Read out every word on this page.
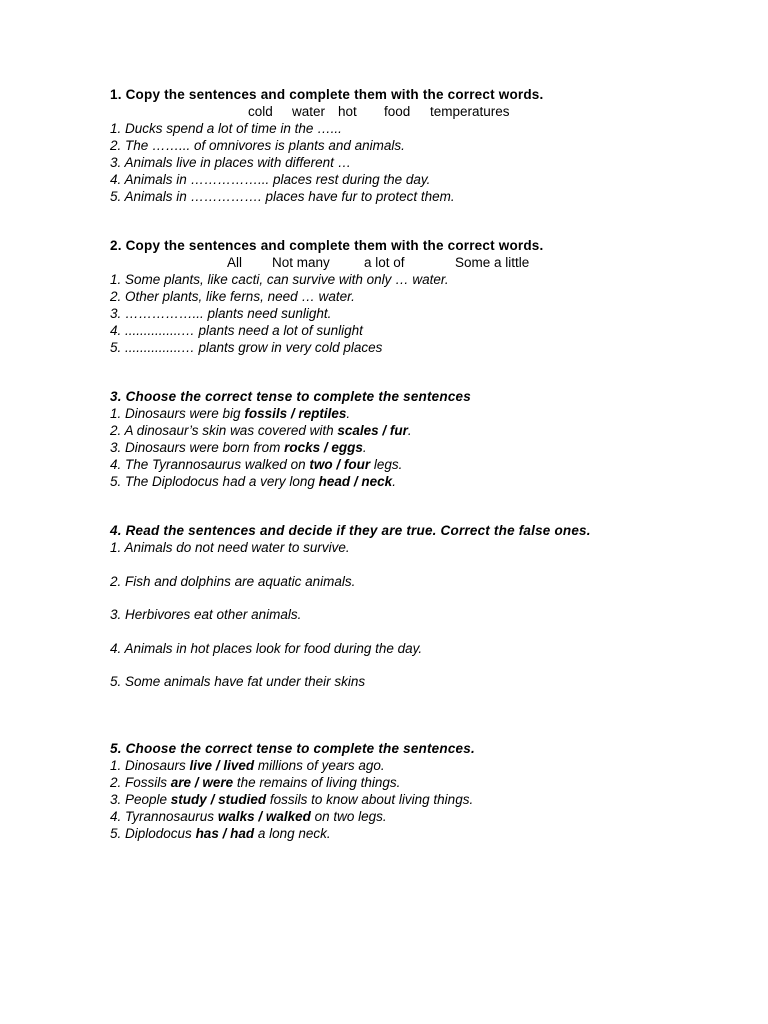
1. Copy the sentences and complete them with the correct words.

cold

water

hot

food

temperatures

1. Ducks spend a lot of time in the …...
2. The ……... of omnivores is plants and animals.
3. Animals live in places with different …
4. Animals in ……………... places rest during the day.
5. Animals in ……………. places have fur to protect them.
2. Copy the sentences and complete them with the correct words.

All

Not many

	a lot of

	Some

a little

1. Some plants, like cacti, can survive with only … water.
2. Other plants, like ferns, need … water.
3. ……………... plants need sunlight.
4. ...............… plants need a lot of sunlight
5. ...............… plants grow in very cold places
3. Choose the correct tense to complete the sentences
1. Dinosaurs were big fossils / reptiles.
2. A dinosaur’s skin was covered with scales / fur.
3. Dinosaurs were born from rocks / eggs.
4. The Tyrannosaurus walked on two / four legs.
5. The Diplodocus had a very long head / neck.
4. Read the sentences and decide if they are true. Correct the false ones.
1. Animals do not need water to survive.
2. Fish and dolphins are aquatic animals.
3. Herbivores eat other animals.
4. Animals in hot places look for food during the day.
5. Some animals have fat under their skins
5. Choose the correct tense to complete the sentences.
1. Dinosaurs live / lived millions of years ago.
2. Fossils are / were the remains of living things.
3. People study / studied fossils to know about living things.
4. Tyrannosaurus walks / walked on two legs.
5. Diplodocus has / had a long neck.
